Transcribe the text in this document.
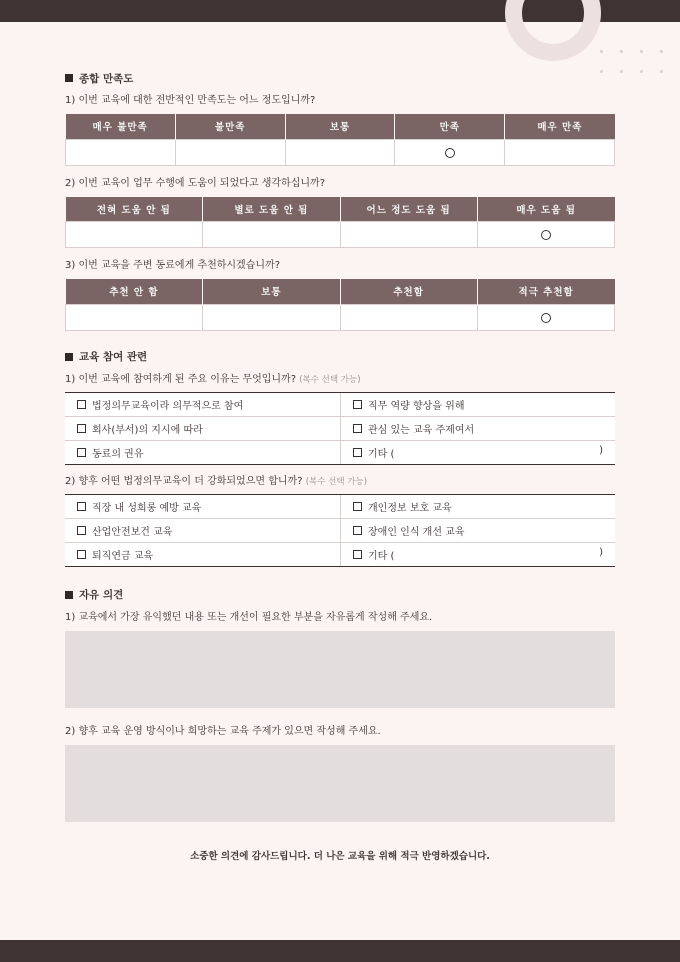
종합 만족도
1) 이번 교육에 대한 전반적인 만족도는 어느 정도입니까?
매우 불만족	불만족	보통	만족	매우 만족

2) 이번 교육이 업무 수행에 도움이 되었다고 생각하십니까?
전혀 도움 안 됨	별로 도움 안 됨	어느 정도 도움 됨	매우 도움 됨

3) 이번 교육을 주변 동료에게 추천하시겠습니까?
추천 안 함	보통	추천함	적극 추천함

교육 참여 관련
1) 이번 교육에 참여하게 된 주요 이유는 무엇입니까? (복수 선택 가능)
법정의무교육이라 의무적으로 참여	직무 역량 향상을 위해
회사(부서)의 지시에 따라	관심 있는 교육 주제여서
동료의 권유	기타 (	)
2) 향후 어떤 법정의무교육이 더 강화되었으면 합니까? (복수 선택 가능)
직장 내 성희롱 예방 교육	개인정보 보호 교육
산업안전보건 교육	장애인 인식 개선 교육
퇴직연금 교육	기타 (	)
자유 의견
1) 교육에서 가장 유익했던 내용 또는 개선이 필요한 부분을 자유롭게 작성해 주세요.
2) 향후 교육 운영 방식이나 희망하는 교육 주제가 있으면 작성해 주세요.
소중한 의견에 감사드립니다. 더 나은 교육을 위해 적극 반영하겠습니다.
